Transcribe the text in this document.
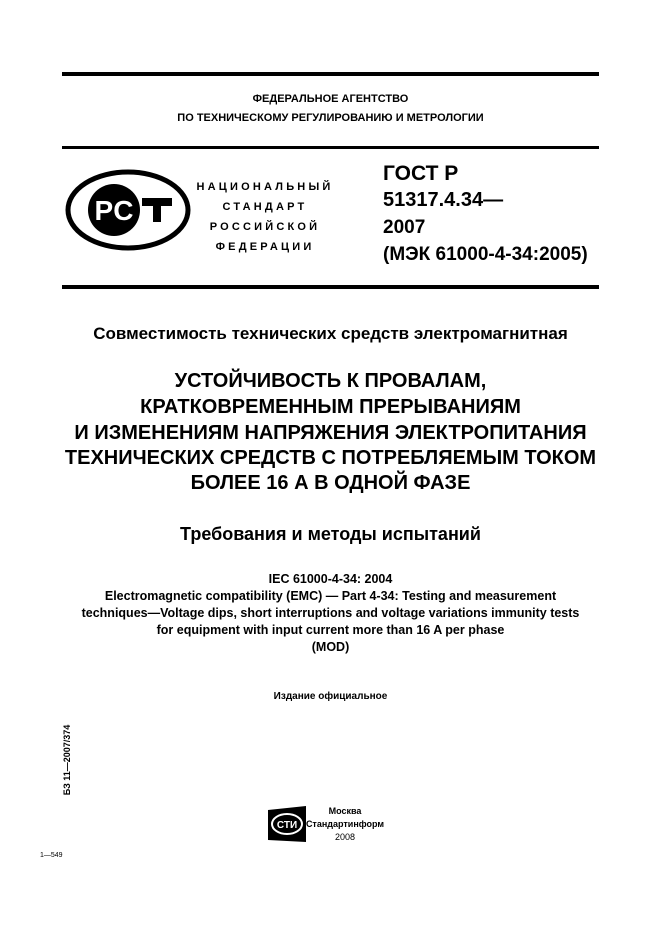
ФЕДЕРАЛЬНОЕ АГЕНТСТВО
ПО ТЕХНИЧЕСКОМУ РЕГУЛИРОВАНИЮ И МЕТРОЛОГИИ
PC
НАЦИОНАЛЬНЫЙ
СТАНДАРТ
РОССИЙСКОЙ
ФЕДЕРАЦИИ
ГОСТ Р
51317.4.34—
2007
(МЭК 61000-4-34:2005)
Совместимость технических средств электромагнитная
УСТОЙЧИВОСТЬ К ПРОВАЛАМ,
КРАТКОВРЕМЕННЫМ ПРЕРЫВАНИЯМ
И ИЗМЕНЕНИЯМ НАПРЯЖЕНИЯ ЭЛЕКТРОПИТАНИЯ
ТЕХНИЧЕСКИХ СРЕДСТВ С ПОТРЕБЛЯЕМЫМ ТОКОМ
БОЛЕЕ 16 А В ОДНОЙ ФАЗЕ
Требования и методы испытаний
IEC 61000-4-34: 2004
Electromagnetic compatibility (EMC) — Part 4-34: Testing and measurement
techniques—Voltage dips, short interruptions and voltage variations immunity tests
for equipment with input current more than 16 A per phase
(MOD)
Издание официальное
БЗ 11—2007/374
СТИ
Москва
Стандартинформ
2008
1—549
